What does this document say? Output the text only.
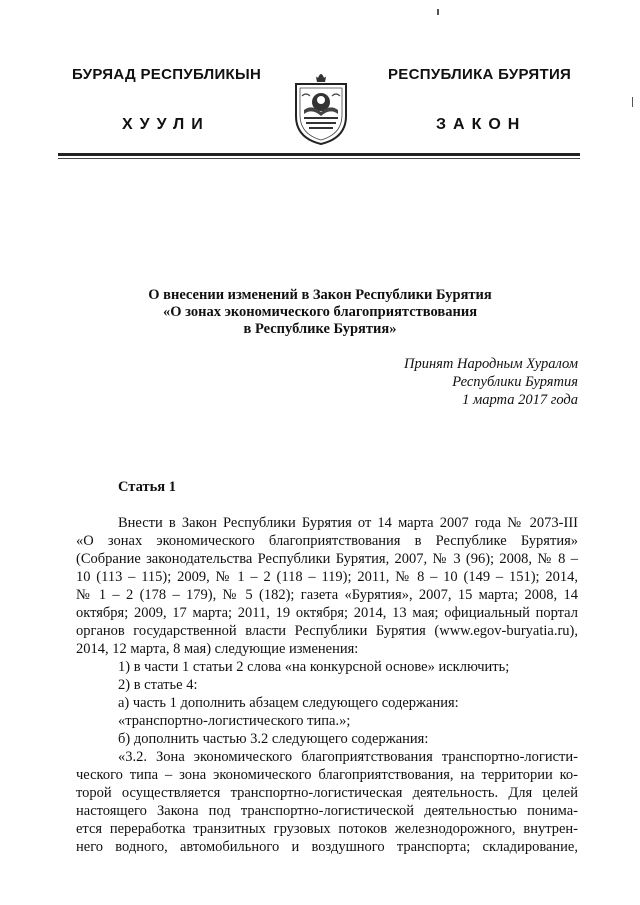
БУРЯАД РЕСПУБЛИКЫН
ХУУЛИ
РЕСПУБЛИКА БУРЯТИЯ
ЗАКОН
О внесении изменений в Закон Республики Бурятия
«О зонах экономического благоприятствования
в Республике Бурятия»
Принят Народным Хуралом
Республики Бурятия
1 марта 2017 года
Статья 1
Внести в Закон Республики Бурятия от 14 марта 2007 года № 2073-III
«О зонах экономического благоприятствования в Республике Бурятия»
(Собрание законодательства Республики Бурятия, 2007, № 3 (96); 2008, № 8 –
10 (113 – 115); 2009, № 1 – 2 (118 – 119); 2011, № 8 – 10 (149 – 151); 2014,
№ 1 – 2 (178 – 179), № 5 (182); газета «Бурятия», 2007, 15 марта; 2008, 14
октября; 2009, 17 марта; 2011, 19 октября; 2014, 13 мая; официальный портал
органов государственной власти Республики Бурятия (www.egov-buryatia.ru),
2014, 12 марта, 8 мая) следующие изменения:
1) в части 1 статьи 2 слова «на конкурсной основе» исключить;
2) в статье 4:
а) часть 1 дополнить абзацем следующего содержания:
«транспортно-логистического типа.»;
б) дополнить частью 3.2 следующего содержания:
«3.2. Зона экономического благоприятствования транспортно-логисти-
ческого типа – зона экономического благоприятствования, на территории ко-
торой осуществляется транспортно-логистическая деятельность. Для целей
настоящего Закона под транспортно-логистической деятельностью понима-
ется переработка транзитных грузовых потоков железнодорожного, внутрен-
него водного, автомобильного и воздушного транспорта; складирование,
